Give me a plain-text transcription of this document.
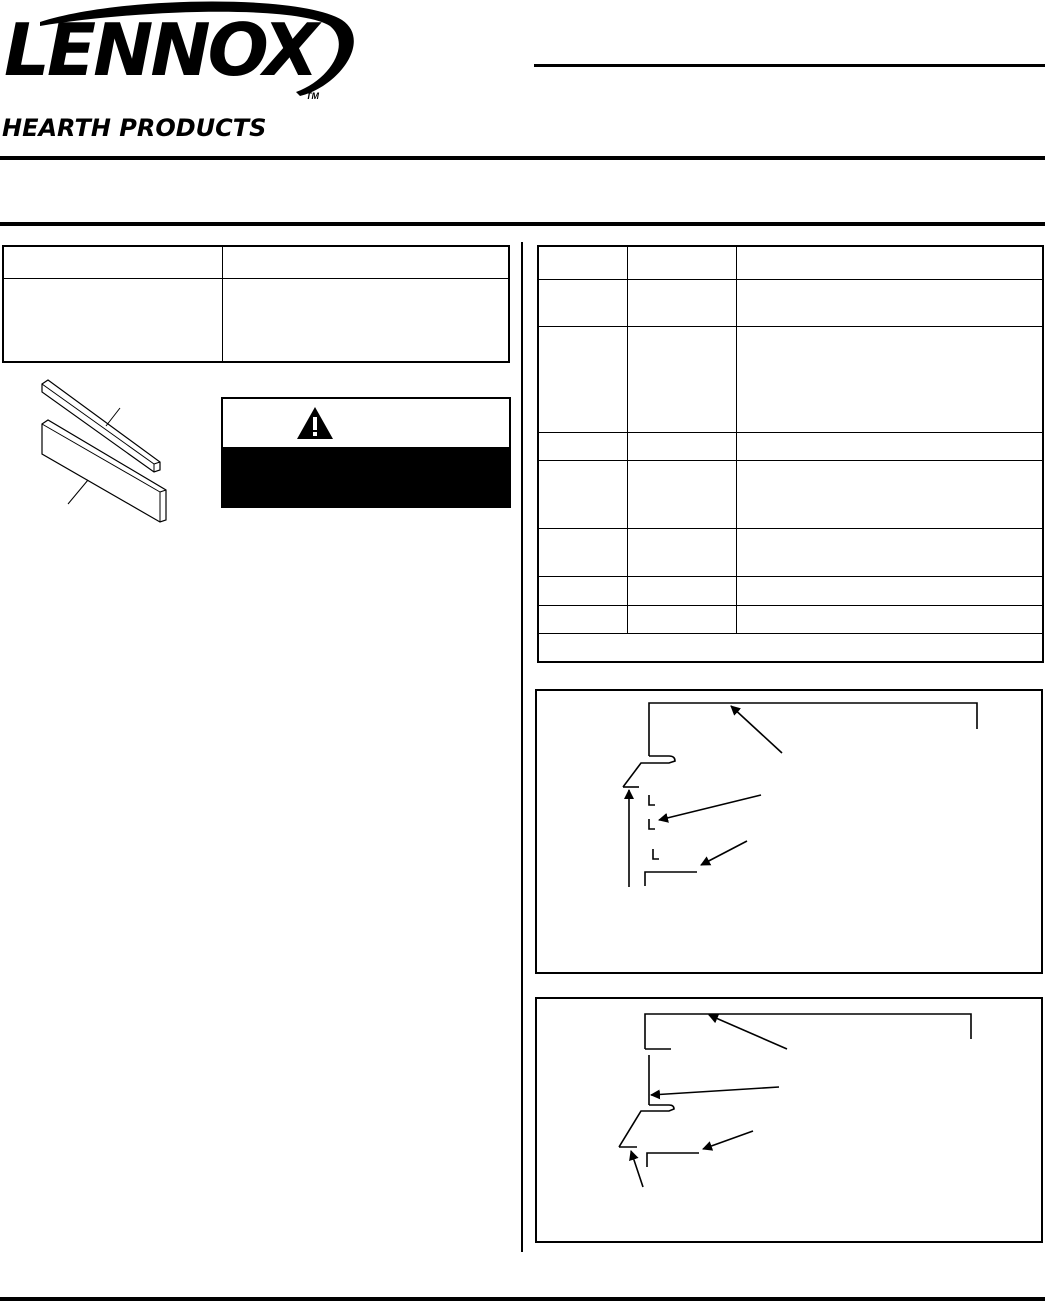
LENNOX
TM
HEARTH PRODUCTS
